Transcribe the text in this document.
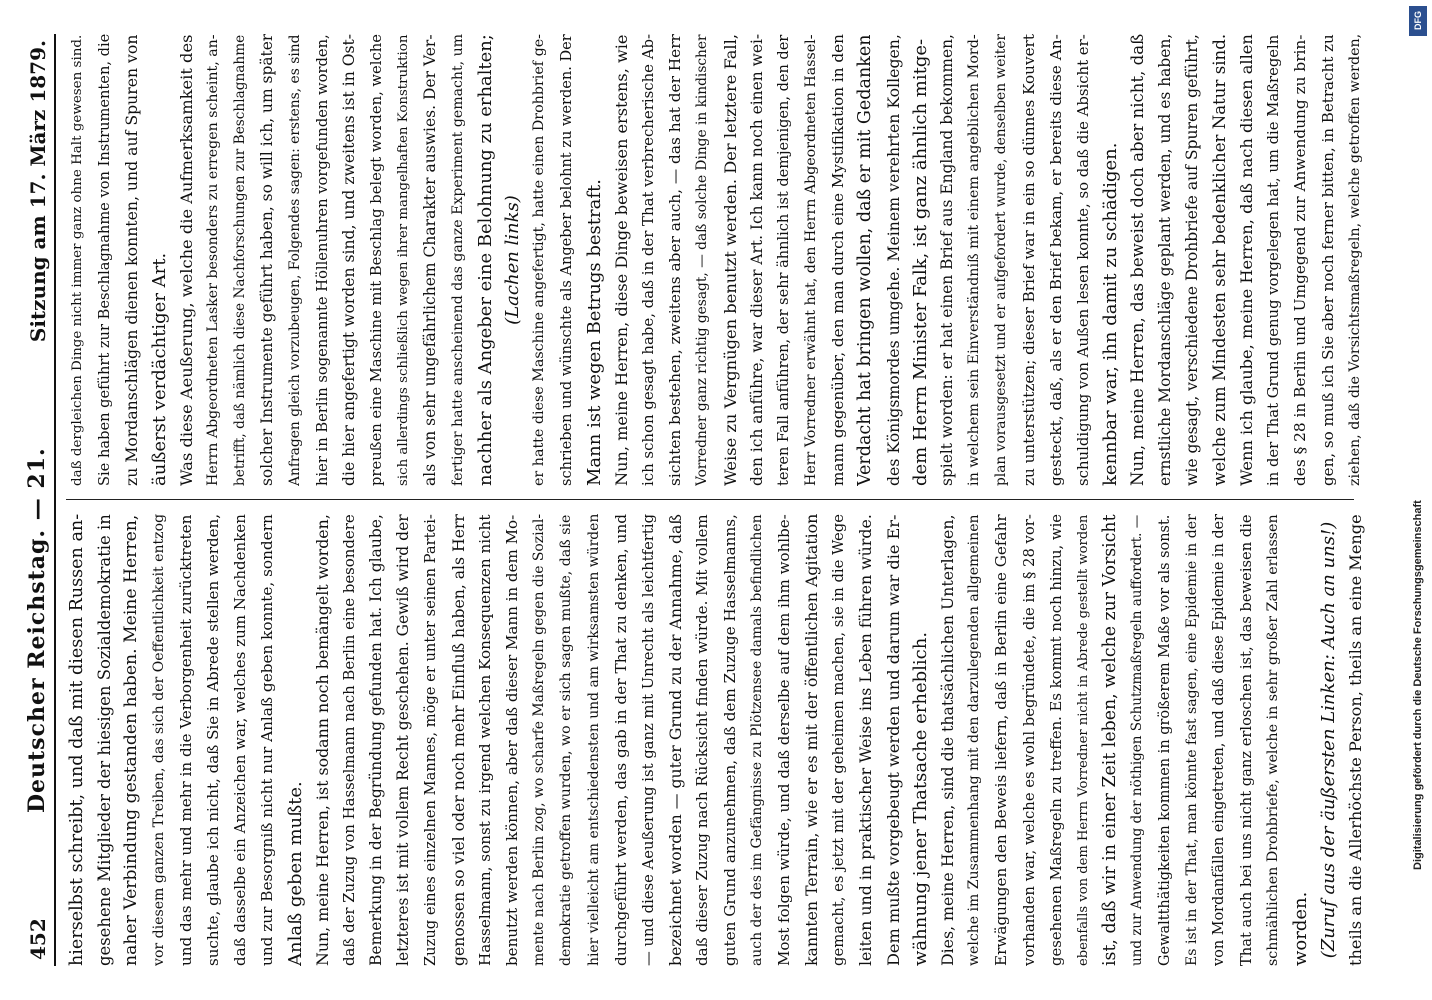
452
Deutscher Reichstag. — 21.
Sitzung am 17. März 1879.
hierselbst schreibt, und daß mit diesen Russen an- gesehene Mitglieder der hiesigen Sozialdemokratie in naher Verbindung gestanden haben. Meine Herren, vor diesem ganzen Treiben, das sich der Oeffentlichkeit entzog und das mehr und mehr in die Verborgenheit zurücktreten suchte, glaube ich nicht, daß Sie in Abrede stellen werden, daß dasselbe ein Anzeichen war, welches zum Nachdenken und zur Besorgniß nicht nur Anlaß geben konnte, sondern Anlaß geben mußte. Nun, meine Herren, ist sodann noch bemängelt worden, daß der Zuzug von Hasselmann nach Berlin eine besondere Bemerkung in der Begründung gefunden hat. Ich glaube, letzteres ist mit vollem Recht geschehen. Gewiß wird der Zuzug eines einzelnen Mannes, möge er unter seinen Partei- genossen so viel oder noch mehr Einfluß haben, als Herr Hasselmann, sonst zu irgend welchen Konsequenzen nicht benutzt werden können, aber daß dieser Mann in dem Mo- mente nach Berlin zog, wo scharfe Maßregeln gegen die Sozial- demokratie getroffen wurden, wo er sich sagen mußte, daß sie hier vielleicht am entschiedensten und am wirksamsten würden durchgeführt werden, das gab in der That zu denken, und — und diese Aeußerung ist ganz mit Unrecht als leichtfertig bezeichnet worden — guter Grund zu der Annahme, daß daß dieser Zuzug nach Rücksicht finden würde. Mit vollem guten Grund anzunehmen, daß dem Zuzuge Hasselmanns, auch der des im Gefängnisse zu Plötzensee damals befindlichen Most folgen würde, und daß derselbe auf dem ihm wohlbe- kannten Terrain, wie er es mit der öffentlichen Agitation gemacht, es jetzt mit der geheimen machen, sie in die Wege leiten und in praktischer Weise ins Leben führen würde. Dem mußte vorgebeugt werden und darum war die Er- wähnung jener Thatsache erheblich. Dies, meine Herren, sind die thatsächlichen Unterlagen, welche im Zusammenhang mit den darzulegenden allgemeinen Erwägungen den Beweis liefern, daß in Berlin eine Gefahr vorhanden war, welche es wohl begründete, die im § 28 vor- gesehenen Maßregeln zu treffen. Es kommt noch hinzu, wie ebenfalls von dem Herrn Vorredner nicht in Abrede gestellt worden ist, daß wir in einer Zeit leben, welche zur Vorsicht und zur Anwendung der nöthigen Schutzmaßregeln auffordert. — Gewaltthätigkeiten kommen in größerem Maße vor als sonst. Es ist in der That, man könnte fast sagen, eine Epidemie in der von Mordanfällen eingetreten, und daß diese Epidemie in der That auch bei uns nicht ganz erloschen ist, das beweisen die schmählichen Drohbriefe, welche in sehr großer Zahl erlassen worden. (Zuruf aus der äußersten Linken: Auch an uns!) theils an die Allerhöchste Person, theils an eine Menge
daß dergleichen Dinge nicht immer ganz ohne Halt gewesen sind. Sie haben geführt zur Beschlagnahme von Instrumenten, die zu Mordanschlägen dienen konnten, und auf Spuren von äußerst verdächtiger Art. Was diese Aeußerung, welche die Aufmerksamkeit des Herrn Abgeordneten Lasker besonders zu erregen scheint, an- betrifft, daß nämlich diese Nachforschungen zur Beschlagnahme solcher Instrumente geführt haben, so will ich, um später Anfragen gleich vorzubeugen, Folgendes sagen: erstens, es sind hier in Berlin sogenannte Höllenuhren vorgefunden worden, die hier angefertigt worden sind, und zweitens ist in Ost- preußen eine Maschine mit Beschlag belegt worden, welche sich allerdings schließlich wegen ihrer mangelhaften Konstruktion als von sehr ungefährlichem Charakter auswies. Der Ver- fertiger hatte anscheinend das ganze Experiment gemacht, um nachher als Angeber eine Belohnung zu erhalten; (Lachen links) er hatte diese Maschine angefertigt, hatte einen Drohbrief ge- schrieben und wünschte als Angeber belohnt zu werden. Der Mann ist wegen Betrugs bestraft. Nun, meine Herren, diese Dinge beweisen erstens, wie ich schon gesagt habe, daß in der That verbrecherische Ab- sichten bestehen, zweitens aber auch, — das hat der Herr Vorredner ganz richtig gesagt, — daß solche Dinge in kindischer Weise zu Vergnügen benutzt werden. Der letztere Fall, den ich anführe, war dieser Art. Ich kann noch einen wei- teren Fall anführen, der sehr ähnlich ist demjenigen, den der Herr Vorredner erwähnt hat, den Herrn Abgeordneten Hassel- mann gegenüber, den man durch eine Mystifikation in den Verdacht hat bringen wollen, daß er mit Gedanken des Königsmordes umgehe. Meinem verehrten Kollegen, dem Herrn Minister Falk, ist ganz ähnlich mitge- spielt worden: er hat einen Brief aus England bekommen, in welchem sein Einverständniß mit einem angeblichen Mord- plan vorausgesetzt und er aufgefordert wurde, denselben weiter zu unterstützen; dieser Brief war in ein so dünnes Kouvert gesteckt, daß, als er den Brief bekam, er bereits diese An- schuldigung von Außen lesen konnte, so daß die Absicht er- kennbar war, ihn damit zu schädigen. Nun, meine Herren, das beweist doch aber nicht, daß ernstliche Mordanschläge geplant werden, und es haben, wie gesagt, verschiedene Drohbriefe auf Spuren geführt, welche zum Mindesten sehr bedenklicher Natur sind. Wenn ich glaube, meine Herren, daß nach diesen allen in der That Grund genug vorgelegen hat, um die Maßregeln des § 28 in Berlin und Umgegend zur Anwendung zu brin- gen, so muß ich Sie aber noch ferner bitten, in Betracht zu ziehen, daß die Vorsichtsmaßregeln, welche getroffen werden,
DFG
Digitalisierung gefördert durch die Deutsche Forschungsgemeinschaft
